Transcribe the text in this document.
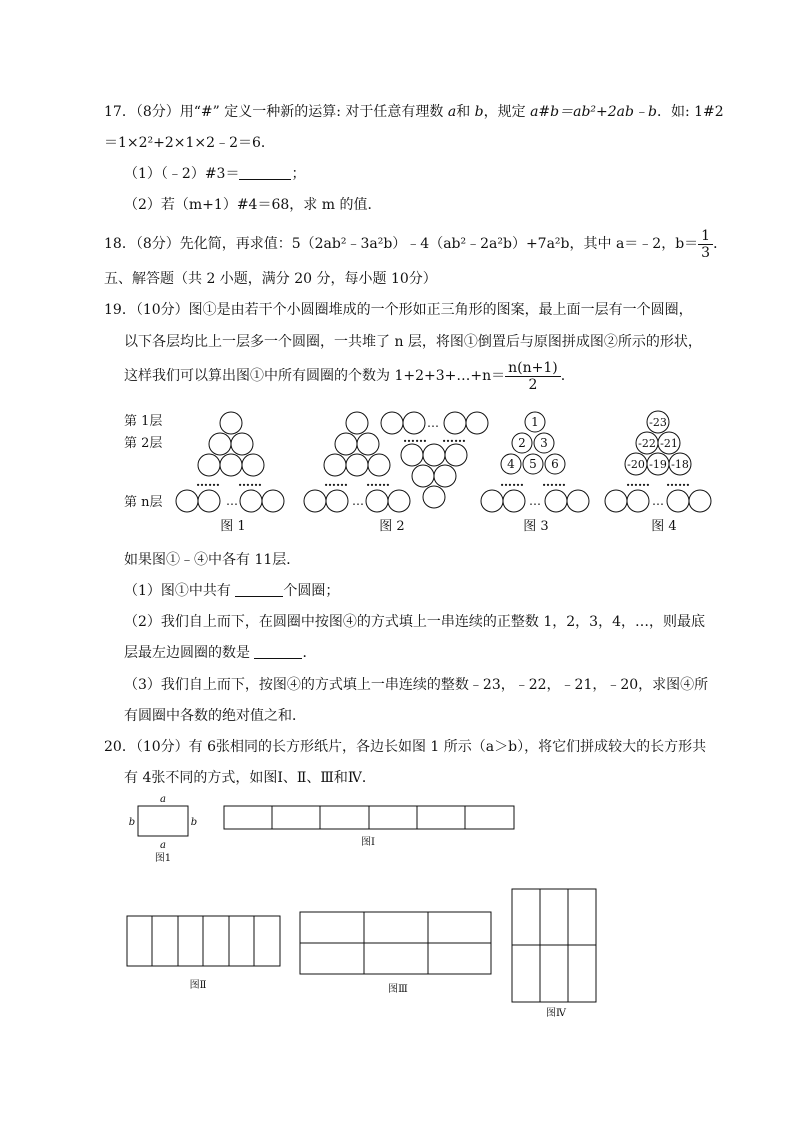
17．（8分）用“#” 定义一种新的运算: 对于任意有理数 a和 b，规定 a#b＝ab²+2ab﹣b．如: 1#2
＝1×2²+2×1×2﹣2＝6．
（1）（﹣2）#3＝	；
（2）若（m+1）#4＝68，求 m 的值．
18．（8分）先化简，再求值：5（2ab²﹣3a²b）﹣4（ab²﹣2a²b）+7a²b，其中 a＝﹣2，$b= \frac{1}{3}$ ．
五、解答题（共 2 小题，满分 20 分，每小题 10分）
19．（10分）图①是由若干个小圆圈堆成的一个形如正三角形的图案，最上面一层有一个圆圈，
以下各层均比上一层多一个圆圈，一共堆了 n 层，将图①倒置后与原图拼成图②所示的形状，
这样我们可以算出图①中所有圆圈的个数为 1+2+3+…+n＝ $\frac{n(n+1)}{2}$ .
第 1层
第 2层
第 n层
…… ……
…
…… ……
…
…
…… ……
…… ……
…
…… ……
…
1
2 3
4 5 6
-23
-22 -21
-20 -19 -18
图 1	图 2	图 3	图 4
如果图①﹣④中各有 11层．
（1）图①中共有	个圆圈；
（2）我们自上而下，在圆圈中按图④的方式填上一串连续的正整数 1，2，3，4，…，则最底
层最左边圆圈的数是	．
（3）我们自上而下，按图④的方式填上一串连续的整数﹣23，﹣22，﹣21，﹣20，求图④所
有圆圈中各数的绝对值之和．
20．（10分）有 6张相同的长方形纸片，各边长如图 1 所示（a＞b），将它们拼成较大的长方形共
有 4张不同的方式，如图Ⅰ、Ⅱ、Ⅲ和Ⅳ．
a
a
b	b
图1
图Ⅰ
图Ⅱ	图Ⅲ
图Ⅳ
